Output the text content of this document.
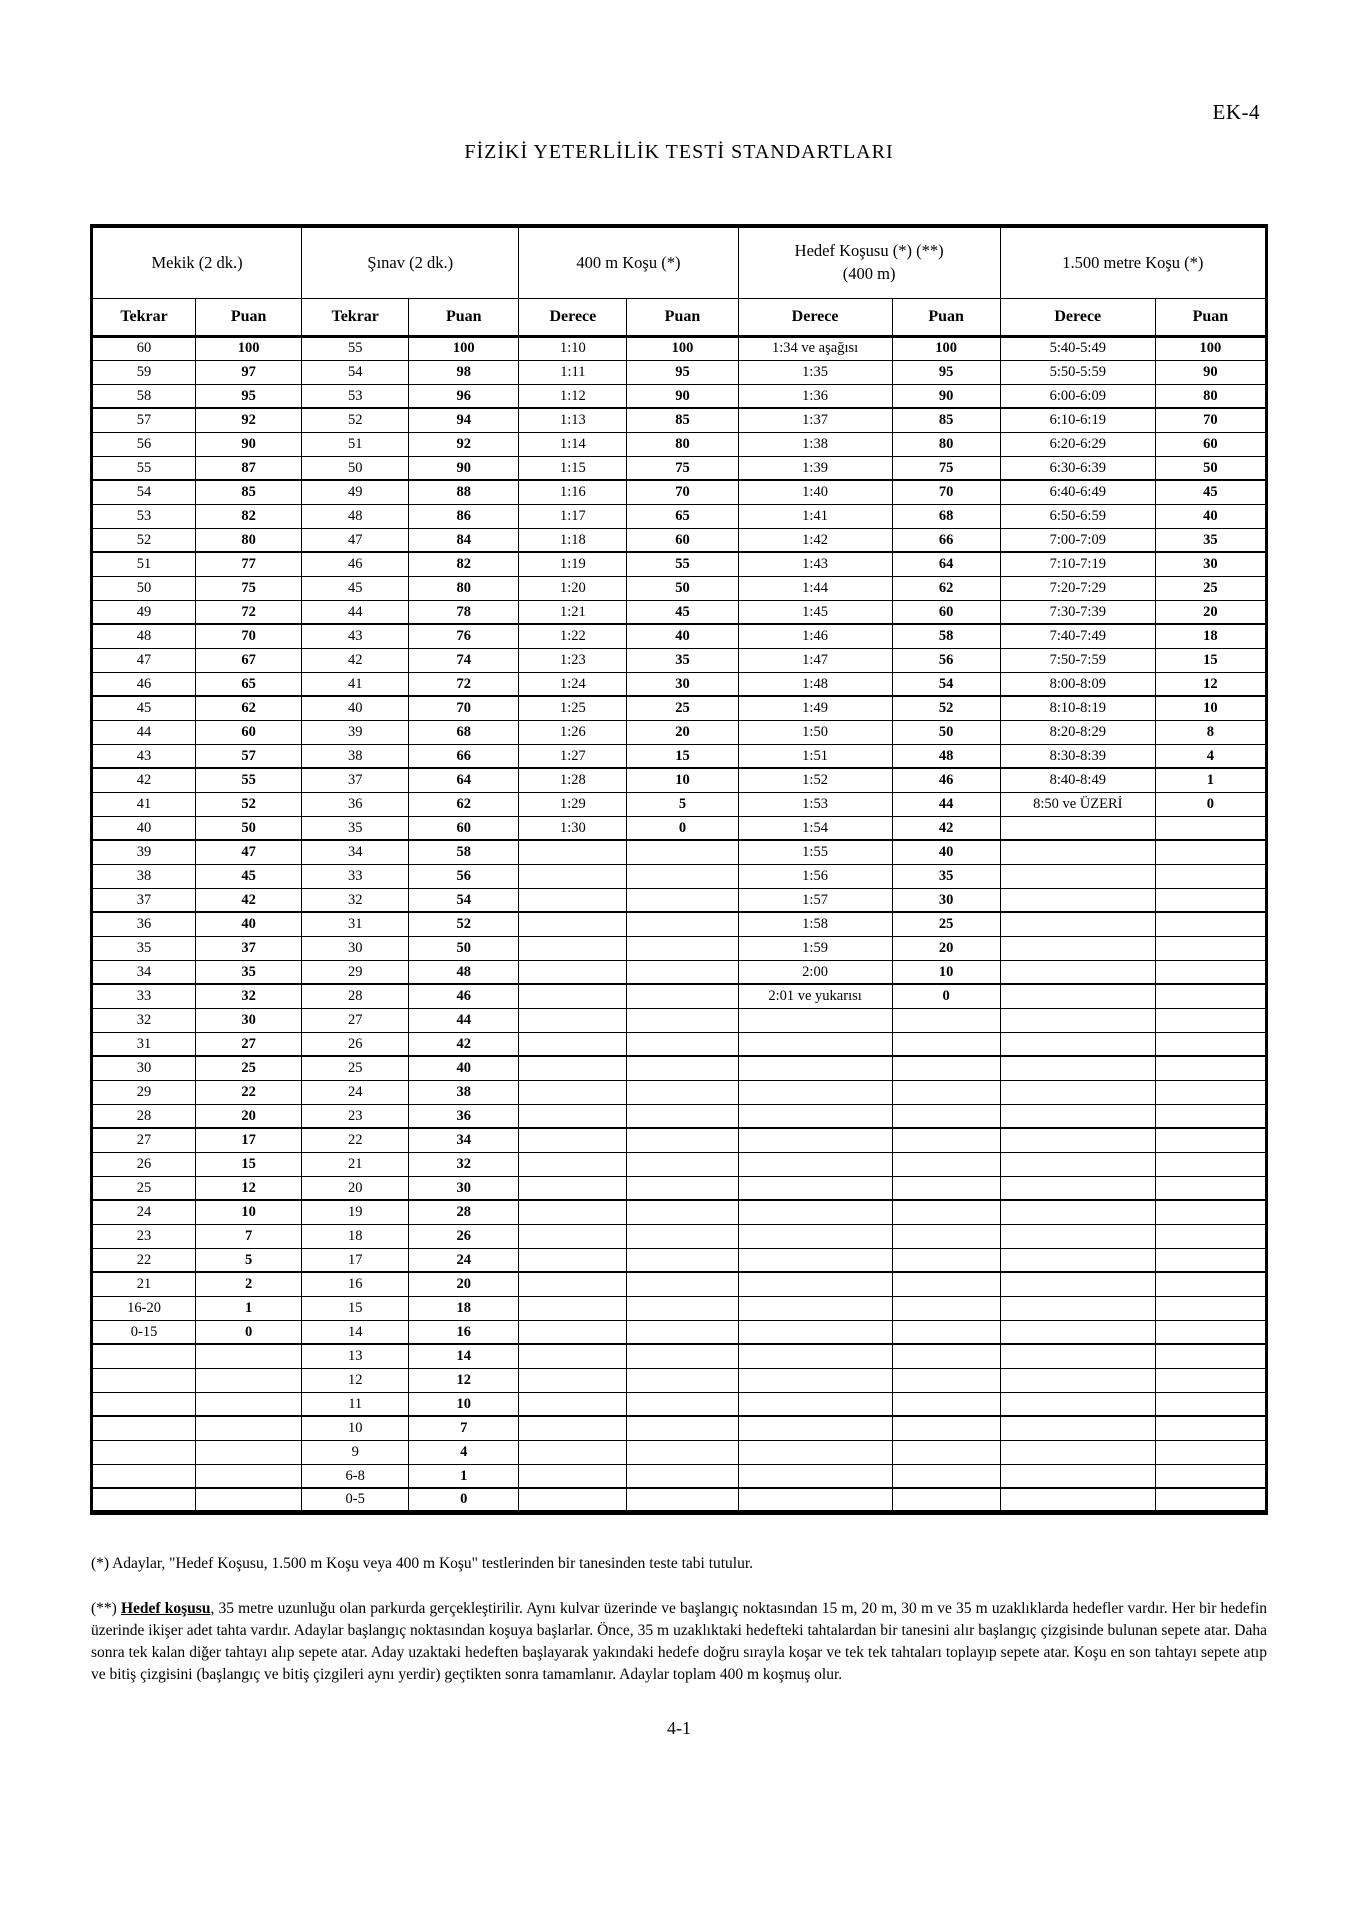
EK-4
FİZİKİ YETERLİLİK TESTİ STANDARTLARI
Mekik (2 dk.)		Şınav (2 dk.)		400 m Koşu (*)		Hedef Koşusu (*) (**)
(400 m)		1.500 metre Koşu (*)	

Tekrar	Puan	Tekrar	Puan	Derece	Puan	Derece	Puan	Derece	Puan
60	100	55	100	1:10	100	1:34 ve aşağısı	100	5:40-5:49	100
59	97	54	98	1:11	95	1:35	95	5:50-5:59	90
58	95	53	96	1:12	90	1:36	90	6:00-6:09	80
57	92	52	94	1:13	85	1:37	85	6:10-6:19	70
56	90	51	92	1:14	80	1:38	80	6:20-6:29	60
55	87	50	90	1:15	75	1:39	75	6:30-6:39	50
54	85	49	88	1:16	70	1:40	70	6:40-6:49	45
53	82	48	86	1:17	65	1:41	68	6:50-6:59	40
52	80	47	84	1:18	60	1:42	66	7:00-7:09	35
51	77	46	82	1:19	55	1:43	64	7:10-7:19	30
50	75	45	80	1:20	50	1:44	62	7:20-7:29	25
49	72	44	78	1:21	45	1:45	60	7:30-7:39	20
48	70	43	76	1:22	40	1:46	58	7:40-7:49	18
47	67	42	74	1:23	35	1:47	56	7:50-7:59	15
46	65	41	72	1:24	30	1:48	54	8:00-8:09	12
45	62	40	70	1:25	25	1:49	52	8:10-8:19	10
44	60	39	68	1:26	20	1:50	50	8:20-8:29	8
43	57	38	66	1:27	15	1:51	48	8:30-8:39	4
42	55	37	64	1:28	10	1:52	46	8:40-8:49	1
41	52	36	62	1:29	5	1:53	44	8:50 ve ÜZERİ	0
40	50	35	60	1:30	0	1:54	42		
39	47	34	58			1:55	40		
38	45	33	56			1:56	35		
37	42	32	54			1:57	30		
36	40	31	52			1:58	25		
35	37	30	50			1:59	20		
34	35	29	48			2:00	10		
33	32	28	46			2:01 ve yukarısı	0		
32	30	27	44						
31	27	26	42						
30	25	25	40						
29	22	24	38						
28	20	23	36						
27	17	22	34						
26	15	21	32						
25	12	20	30						
24	10	19	28						
23	7	18	26						
22	5	17	24						
21	2	16	20						
16-20	1	15	18						
0-15	0	14	16						
		13	14						
		12	12						
		11	10						
		10	7						
		9	4						
		6-8	1						
		0-5	0						

(*) Adaylar, "Hedef Koşusu, 1.500 m Koşu veya 400 m Koşu" testlerinden bir tanesinden teste tabi tutulur.

(**) Hedef koşusu, 35 metre uzunluğu olan parkurda gerçekleştirilir. Aynı kulvar üzerinde ve başlangıç noktasından 15 m, 20 m, 30 m ve 35 m uzaklıklarda hedefler vardır. Her bir hedefin üzerinde ikişer adet tahta vardır. Adaylar başlangıç noktasından koşuya başlarlar. Önce, 35 m uzaklıktaki hedefteki tahtalardan bir tanesini alır başlangıç çizgisinde bulunan sepete atar. Daha sonra tek kalan diğer tahtayı alıp sepete atar. Aday uzaktaki hedeften başlayarak yakındaki hedefe doğru sırayla koşar ve tek tek tahtaları toplayıp sepete atar. Koşu en son tahtayı sepete atıp ve bitiş çizgisini (başlangıç ve bitiş çizgileri aynı yerdir) geçtikten sonra tamamlanır. Adaylar toplam 400 m koşmuş olur.

4-1
